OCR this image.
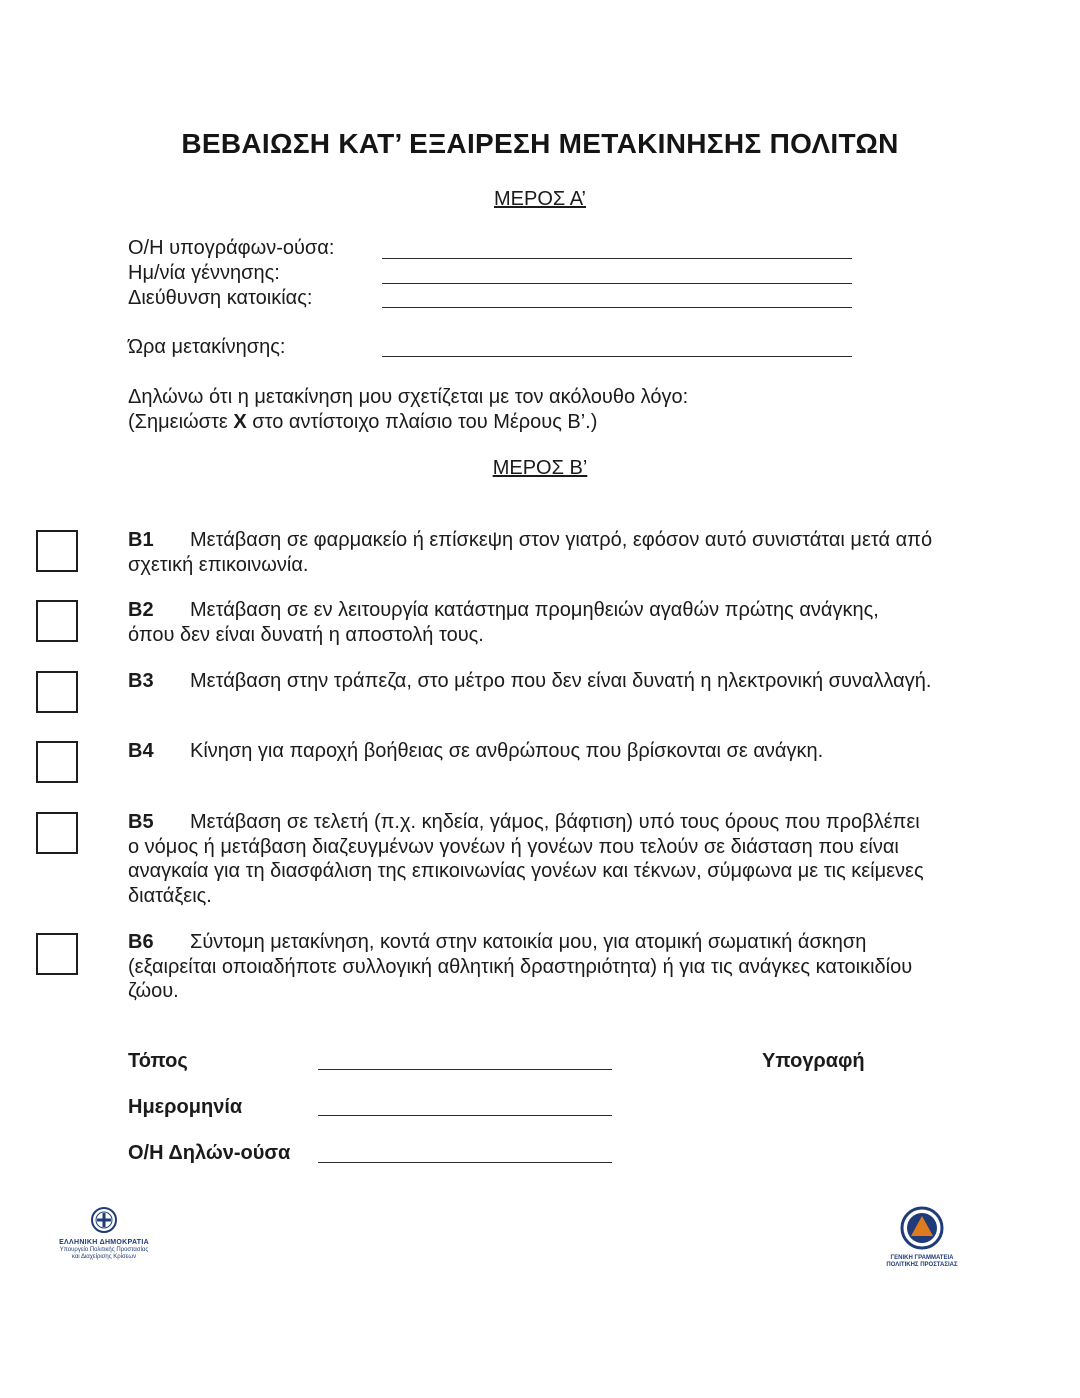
ΒΕΒΑΙΩΣΗ ΚΑΤ’ ΕΞΑΙΡΕΣΗ ΜΕΤΑΚΙΝΗΣΗΣ ΠΟΛΙΤΩΝ
ΜΕΡΟΣ Α’
Ο/Η υπογράφων-ούσα:
Ημ/νία γέννησης:
Διεύθυνση κατοικίας:
Ώρα μετακίνησης:
Δηλώνω ότι η μετακίνηση μου σχετίζεται με τον ακόλουθο λόγο:
(Σημειώστε Χ στο αντίστοιχο πλαίσιο του Μέρους Β’.)
ΜΕΡΟΣ Β’
Β1 Μετάβαση σε φαρμακείο ή επίσκεψη στον γιατρό, εφόσον αυτό συνιστάται μετά από σχετική επικοινωνία.
Β2 Μετάβαση σε εν λειτουργία κατάστημα προμηθειών αγαθών πρώτης ανάγκης, όπου δεν είναι δυνατή η αποστολή τους.
Β3 Μετάβαση στην τράπεζα, στο μέτρο που δεν είναι δυνατή η ηλεκτρονική συναλλαγή.
Β4 Κίνηση για παροχή βοήθειας σε ανθρώπους που βρίσκονται σε ανάγκη.
Β5 Μετάβαση σε τελετή (π.χ. κηδεία, γάμος, βάφτιση) υπό τους όρους που προβλέπει ο νόμος ή μετάβαση διαζευγμένων γονέων ή γονέων που τελούν σε διάσταση που είναι αναγκαία για τη διασφάλιση της επικοινωνίας γονέων και τέκνων, σύμφωνα με τις κείμενες διατάξεις.
Β6 Σύντομη μετακίνηση, κοντά στην κατοικία μου, για ατομική σωματική άσκηση (εξαιρείται οποιαδήποτε συλλογική αθλητική δραστηριότητα) ή για τις ανάγκες κατοικιδίου ζώου.
Τόπος	Υπογραφή
Ημερομηνία
Ο/Η Δηλών-ούσα
ΕΛΛΗΝΙΚΗ ΔΗΜΟΚΡΑΤΙΑ
Υπουργείο Πολιτικής Προστασίας
και Διαχείρισης Κρίσεων	ΓΕΝΙΚΗ ΓΡΑΜΜΑΤΕΙΑ
ΠΟΛΙΤΙΚΗΣ ΠΡΟΣΤΑΣΙΑΣ
